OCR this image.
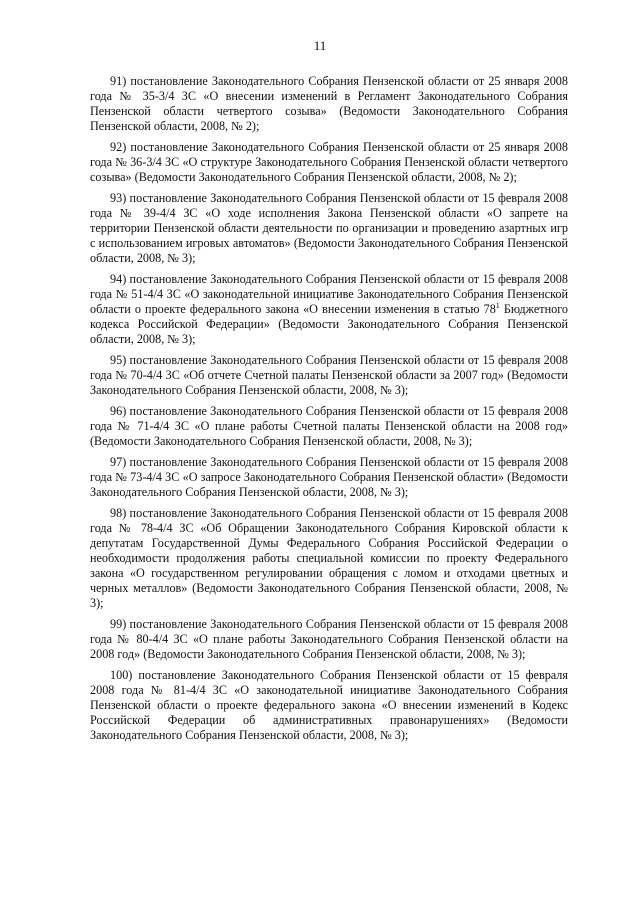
11

91) постановление Законодательного Собрания Пензенской области от 25 января 2008 года № 35-3/4 ЗС «О внесении изменений в Регламент Законодательного Собрания Пензенской области четвертого созыва» (Ведомости Законодательного Собрания Пензенской области, 2008, № 2);

92) постановление Законодательного Собрания Пензенской области от 25 января 2008 года № 36-3/4 ЗС «О структуре Законодательного Собрания Пензенской области четвертого созыва» (Ведомости Законодательного Собрания Пензенской области, 2008, № 2);

93) постановление Законодательного Собрания Пензенской области от 15 февраля 2008 года № 39-4/4 ЗС «О ходе исполнения Закона Пензенской области «О запрете на территории Пензенской области деятельности по организации и проведению азартных игр с использованием игровых автоматов» (Ведомости Законодательного Собрания Пензенской области, 2008, № 3);

94) постановление Законодательного Собрания Пензенской области от 15 февраля 2008 года № 51-4/4 ЗС «О законодательной инициативе Законодательного Собрания Пензенской области о проекте федерального закона «О внесении изменения в статью $78^1$ Бюджетного кодекса Российской Федерации» (Ведомости Законодательного Собрания Пензенской области, 2008, № 3);

95) постановление Законодательного Собрания Пензенской области от 15 февраля 2008 года № 70-4/4 ЗС «Об отчете Счетной палаты Пензенской области за 2007 год» (Ведомости Законодательного Собрания Пензенской области, 2008, № 3);

96) постановление Законодательного Собрания Пензенской области от 15 февраля 2008 года № 71-4/4 ЗС «О плане работы Счетной палаты Пензенской области на 2008 год» (Ведомости Законодательного Собрания Пензенской области, 2008, № 3);

97) постановление Законодательного Собрания Пензенской области от 15 февраля 2008 года № 73-4/4 ЗС «О запросе Законодательного Собрания Пензенской области» (Ведомости Законодательного Собрания Пензенской области, 2008, № 3);

98) постановление Законодательного Собрания Пензенской области от 15 февраля 2008 года № 78-4/4 ЗС «Об Обращении Законодательного Собрания Кировской области к депутатам Государственной Думы Федерального Собрания Российской Федерации о необходимости продолжения работы специальной комиссии по проекту Федерального закона «О государственном регулировании обращения с ломом и отходами цветных и черных металлов» (Ведомости Законодательного Собрания Пензенской области, 2008, № 3);

99) постановление Законодательного Собрания Пензенской области от 15 февраля 2008 года № 80-4/4 ЗС «О плане работы Законодательного Собрания Пензенской области на 2008 год» (Ведомости Законодательного Собрания Пензенской области, 2008, № 3);

100) постановление Законодательного Собрания Пензенской области от 15 февраля 2008 года № 81-4/4 ЗС «О законодательной инициативе Законодательного Собрания Пензенской области о проекте федерального закона «О внесении изменений в Кодекс Российской Федерации об административных правонарушениях» (Ведомости Законодательного Собрания Пензенской области, 2008, № 3);
